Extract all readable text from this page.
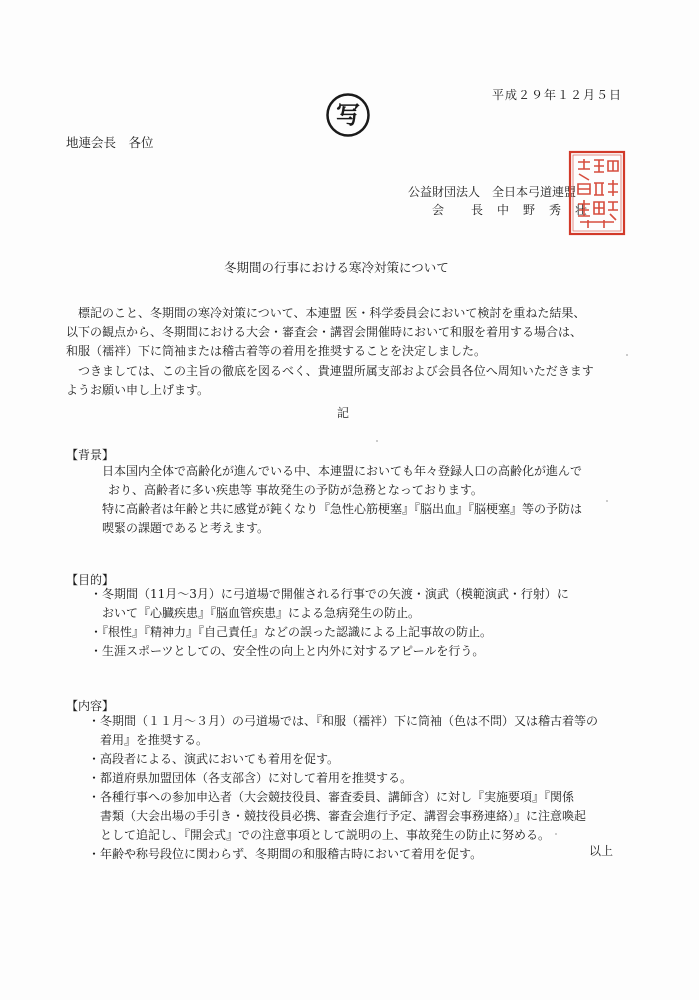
平成２９年１２月５日
写
地連会長　各位
公益財団法人　全日本弓道連盟
会　　長　中　野　秀　壮
冬期間の行事における寒冷対策について
　標記のこと、冬期間の寒冷対策について、本連盟 医・科学委員会において検討を重ねた結果、
以下の観点から、冬期間における大会・審査会・講習会開催時において和服を着用する場合は、
和服（襦袢）下に筒袖または稽古着等の着用を推奨することを決定しました。
　つきましては、この主旨の徹底を図るべく、貴連盟所属支部および会員各位へ周知いただきます
ようお願い申し上げます。
記
【背景】
日本国内全体で高齢化が進んでいる中、本連盟においても年々登録人口の高齢化が進んで
おり、高齢者に多い疾患等 事故発生の予防が急務となっております。
特に高齢者は年齢と共に感覚が鈍くなり『急性心筋梗塞』『脳出血』『脳梗塞』等の予防は
喫緊の課題であると考えます。
【目的】
・冬期間（11月～3月）に弓道場で開催される行事での矢渡・演武（模範演武・行射）に
おいて『心臓疾患』『脳血管疾患』による急病発生の防止。
・『根性』『精神力』『自己責任』などの誤った認識による上記事故の防止。
・生涯スポーツとしての、安全性の向上と内外に対するアピールを行う。
【内容】
・冬期間（１１月～３月）の弓道場では、『和服（襦袢）下に筒袖（色は不問）又は稽古着等の
着用』を推奨する。
・高段者による、演武においても着用を促す。
・都道府県加盟団体（各支部含）に対して着用を推奨する。
・各種行事への参加申込者（大会競技役員、審査委員、講師含）に対し『実施要項』『関係
書類（大会出場の手引き・競技役員必携、審査会進行予定、講習会事務連絡）』に注意喚起
として追記し、『開会式』での注意事項として説明の上、事故発生の防止に努める。
・年齢や称号段位に関わらず、冬期間の和服稽古時において着用を促す。	以上
